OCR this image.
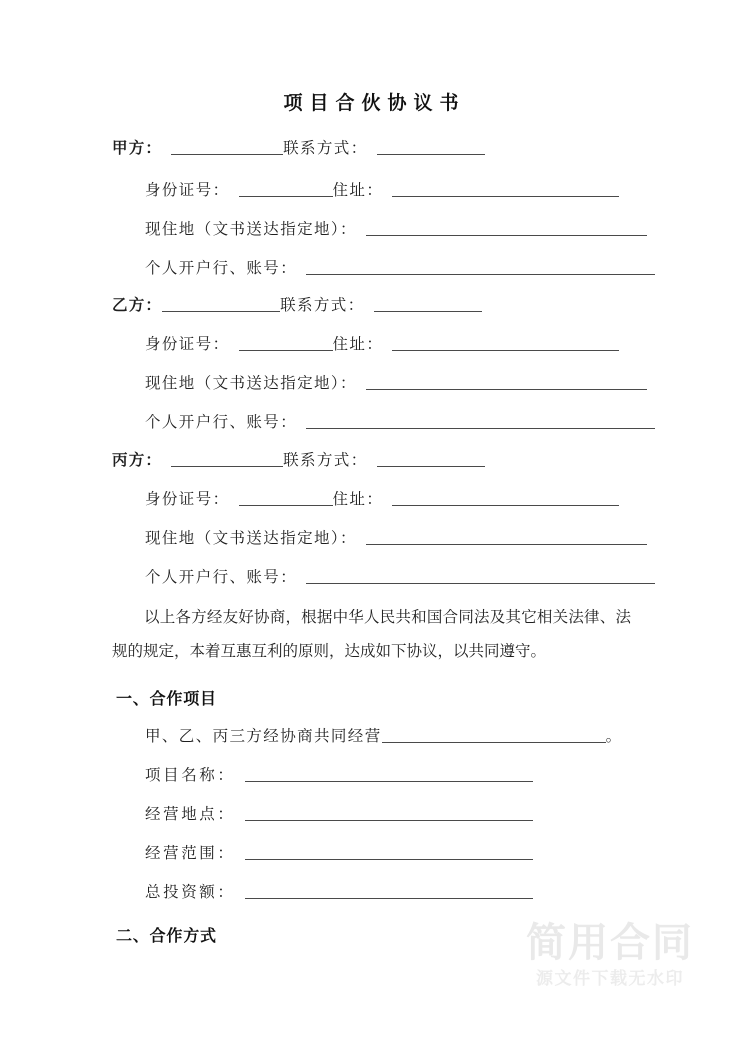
项目合伙协议书
甲方：	联系方式：
身份证号：	住址：
现住地（文书送达指定地）：
个人开户行、账号：
乙方：	联系方式：
身份证号：	住址：
现住地（文书送达指定地）：
个人开户行、账号：
丙方：	联系方式：
身份证号：	住址：
现住地（文书送达指定地）：
个人开户行、账号：
以上各方经友好协商，根据中华人民共和国合同法及其它相关法律、法规的规定，本着互惠互利的原则，达成如下协议，以共同遵守。
一、合作项目
甲、乙、丙三方经协商共同经营	。
项目名称：
经营地点：
经营范围：
总投资额：
二、合作方式	简用合同
源文件下载无水印
